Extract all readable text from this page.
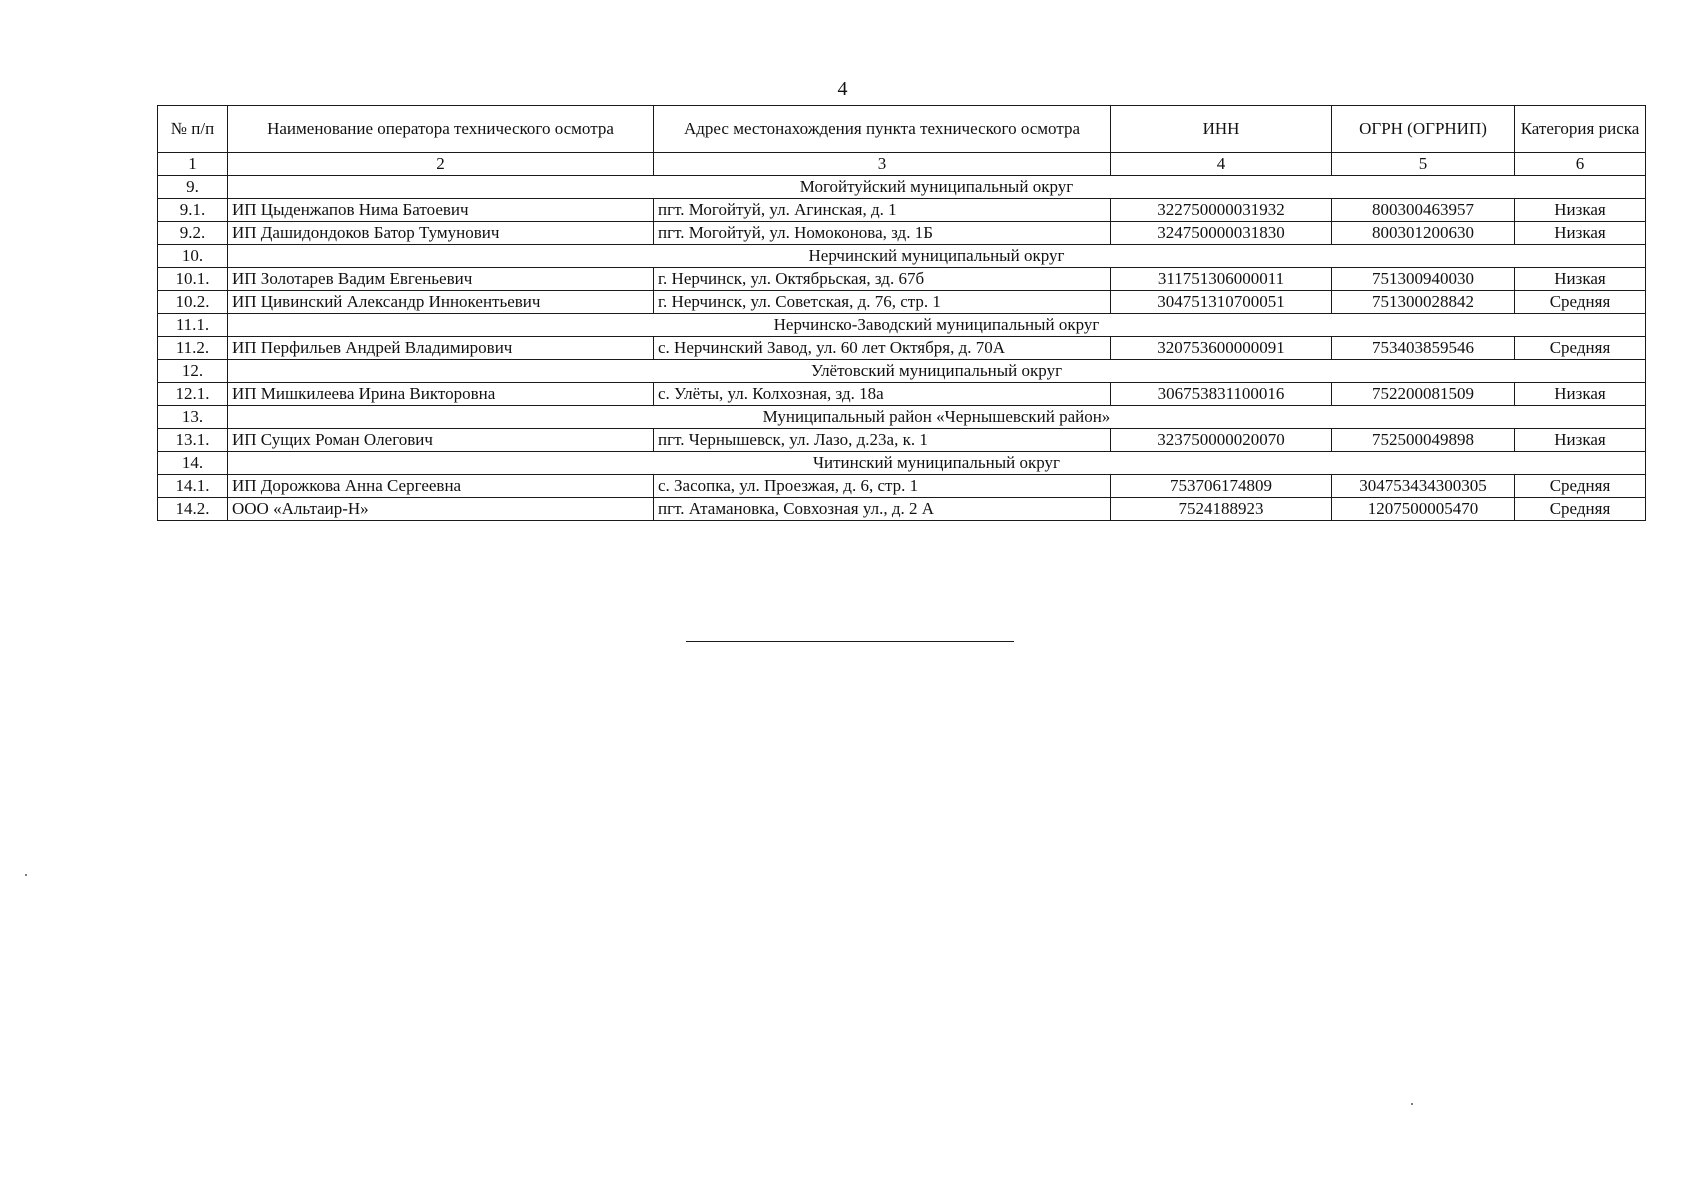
4
№ п/п	Наименование оператора технического осмотра	Адрес местонахождения пункта технического осмотра	ИНН	ОГРН (ОГРНИП)	Категория риска
1	2	3	4	5	6
9.	Могойтуйский муниципальный округ				
9.1.	ИП Цыденжапов Нима Батоевич	пгт. Могойтуй, ул. Агинская, д. 1	322750000031932	800300463957	Низкая
9.2.	ИП Дашидондоков Батор Тумунович	пгт. Могойтуй, ул. Номоконова, зд. 1Б	324750000031830	800301200630	Низкая
10.	Нерчинский муниципальный округ				
10.1.	ИП Золотарев Вадим Евгеньевич	г. Нерчинск, ул. Октябрьская, зд. 67б	311751306000011	751300940030	Низкая
10.2.	ИП Цивинский Александр Иннокентьевич	г. Нерчинск, ул. Советская, д. 76, стр. 1	304751310700051	751300028842	Средняя
11.1.	Нерчинско-Заводский муниципальный округ				
11.2.	ИП Перфильев Андрей Владимирович	с. Нерчинский Завод, ул. 60 лет Октября, д. 70А	320753600000091	753403859546	Средняя
12.	Улётовский муниципальный округ				
12.1.	ИП Мишкилеева Ирина Викторовна	с. Улёты, ул. Колхозная, зд. 18а	306753831100016	752200081509	Низкая
13.	Муниципальный район «Чернышевский район»				
13.1.	ИП Сущих Роман Олегович	пгт. Чернышевск, ул. Лазо, д.23а, к. 1	323750000020070	752500049898	Низкая
14.	Читинский муниципальный округ				
14.1.	ИП Дорожкова Анна Сергеевна	с. Засопка, ул. Проезжая, д. 6, стр. 1	753706174809	304753434300305	Средняя
14.2.	ООО «Альтаир-Н»	пгт. Атамановка, Совхозная ул., д. 2 А	7524188923	1207500005470	Средняя
